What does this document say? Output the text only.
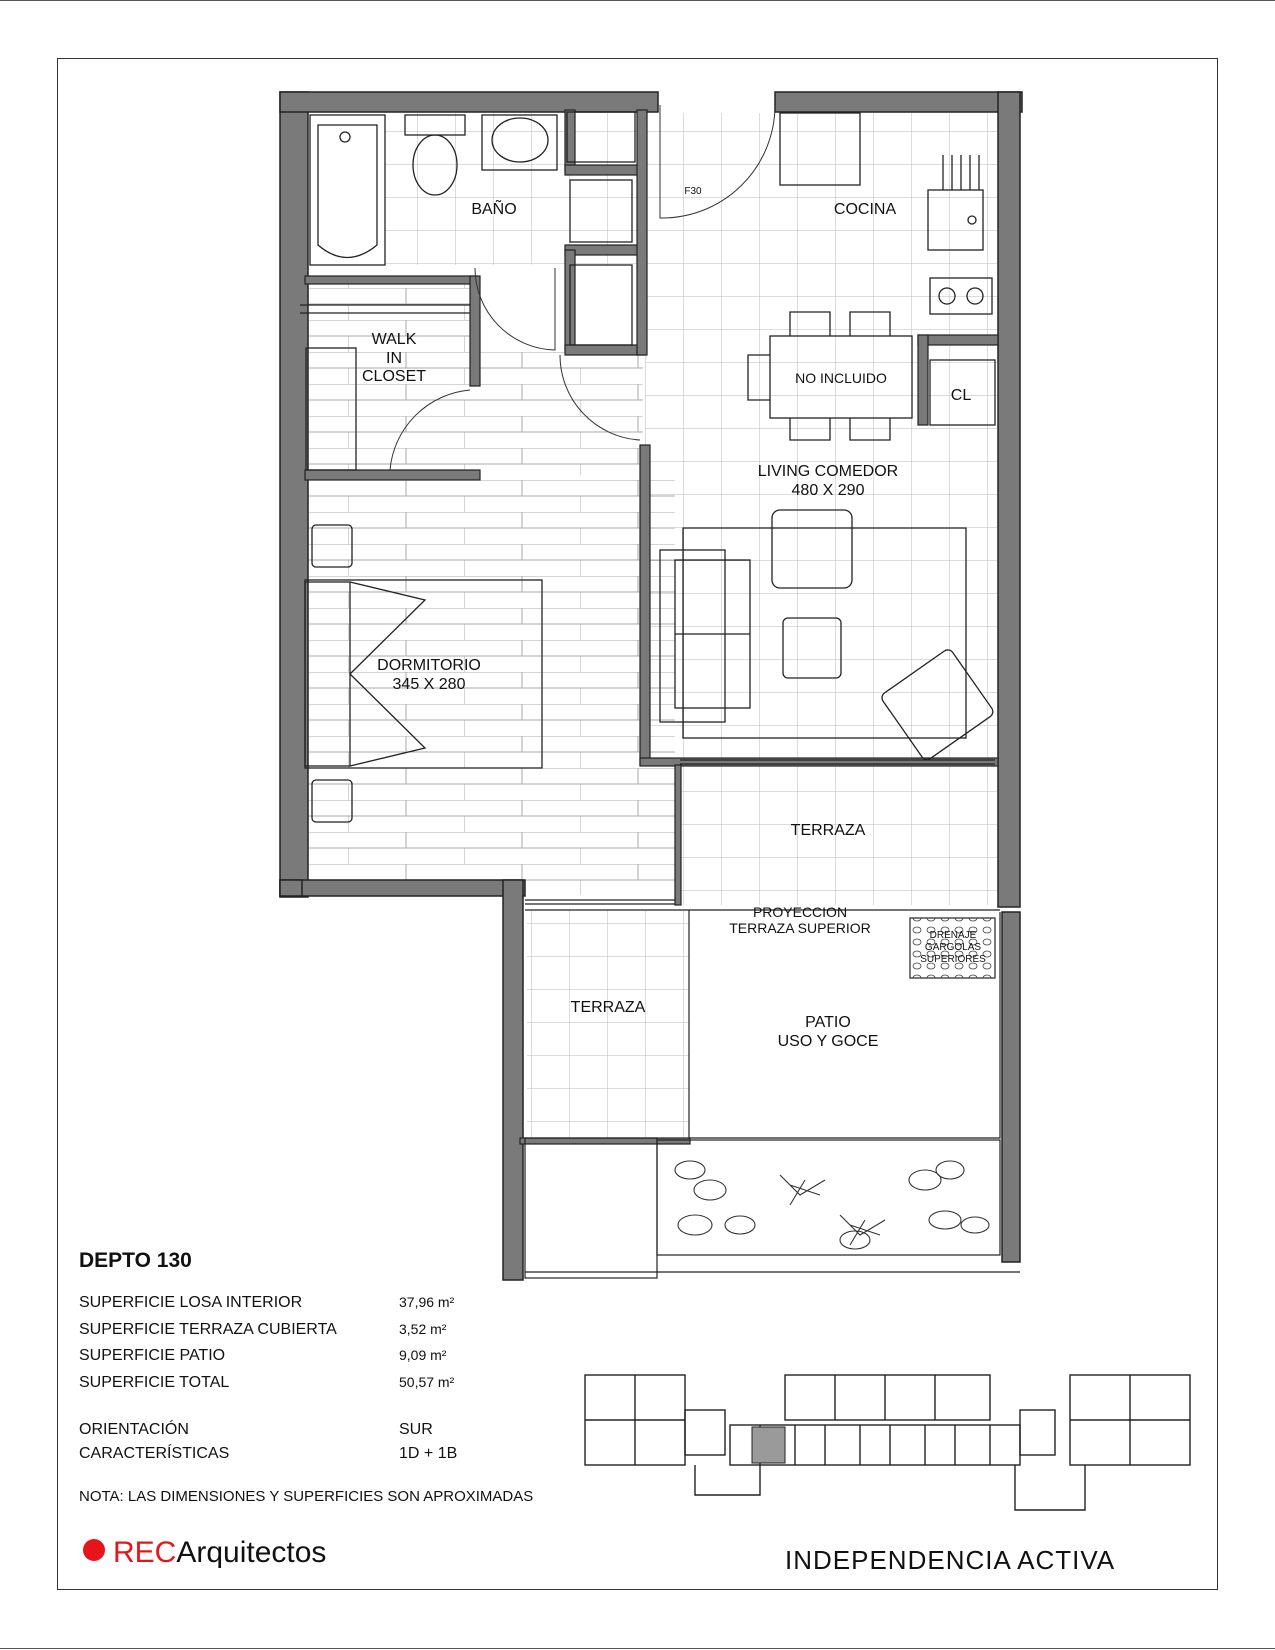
BAÑO	COCINA
F30
WALK
IN
CLOSET	NO INCLUIDO
CL
LIVING COMEDOR
480 X 290
DORMITORIO
345 X 280
TERRAZA
PROYECCION
TERRAZA SUPERIOR	DRENAJE
GARGOLAS
SUPERIORES
TERRAZA
PATIO
USO Y GOCE
DEPTO 130
SUPERFICIE LOSA INTERIOR	37,96 m²
SUPERFICIE TERRAZA CUBIERTA	3,52 m²
SUPERFICIE PATIO	9,09 m²
SUPERFICIE TOTAL	50,57 m²
ORIENTACIÓN	SUR
CARACTERÍSTICAS	1D + 1B
NOTA: LAS DIMENSIONES Y SUPERFICIES SON APROXIMADAS
RECArquitectos	INDEPENDENCIA ACTIVA
